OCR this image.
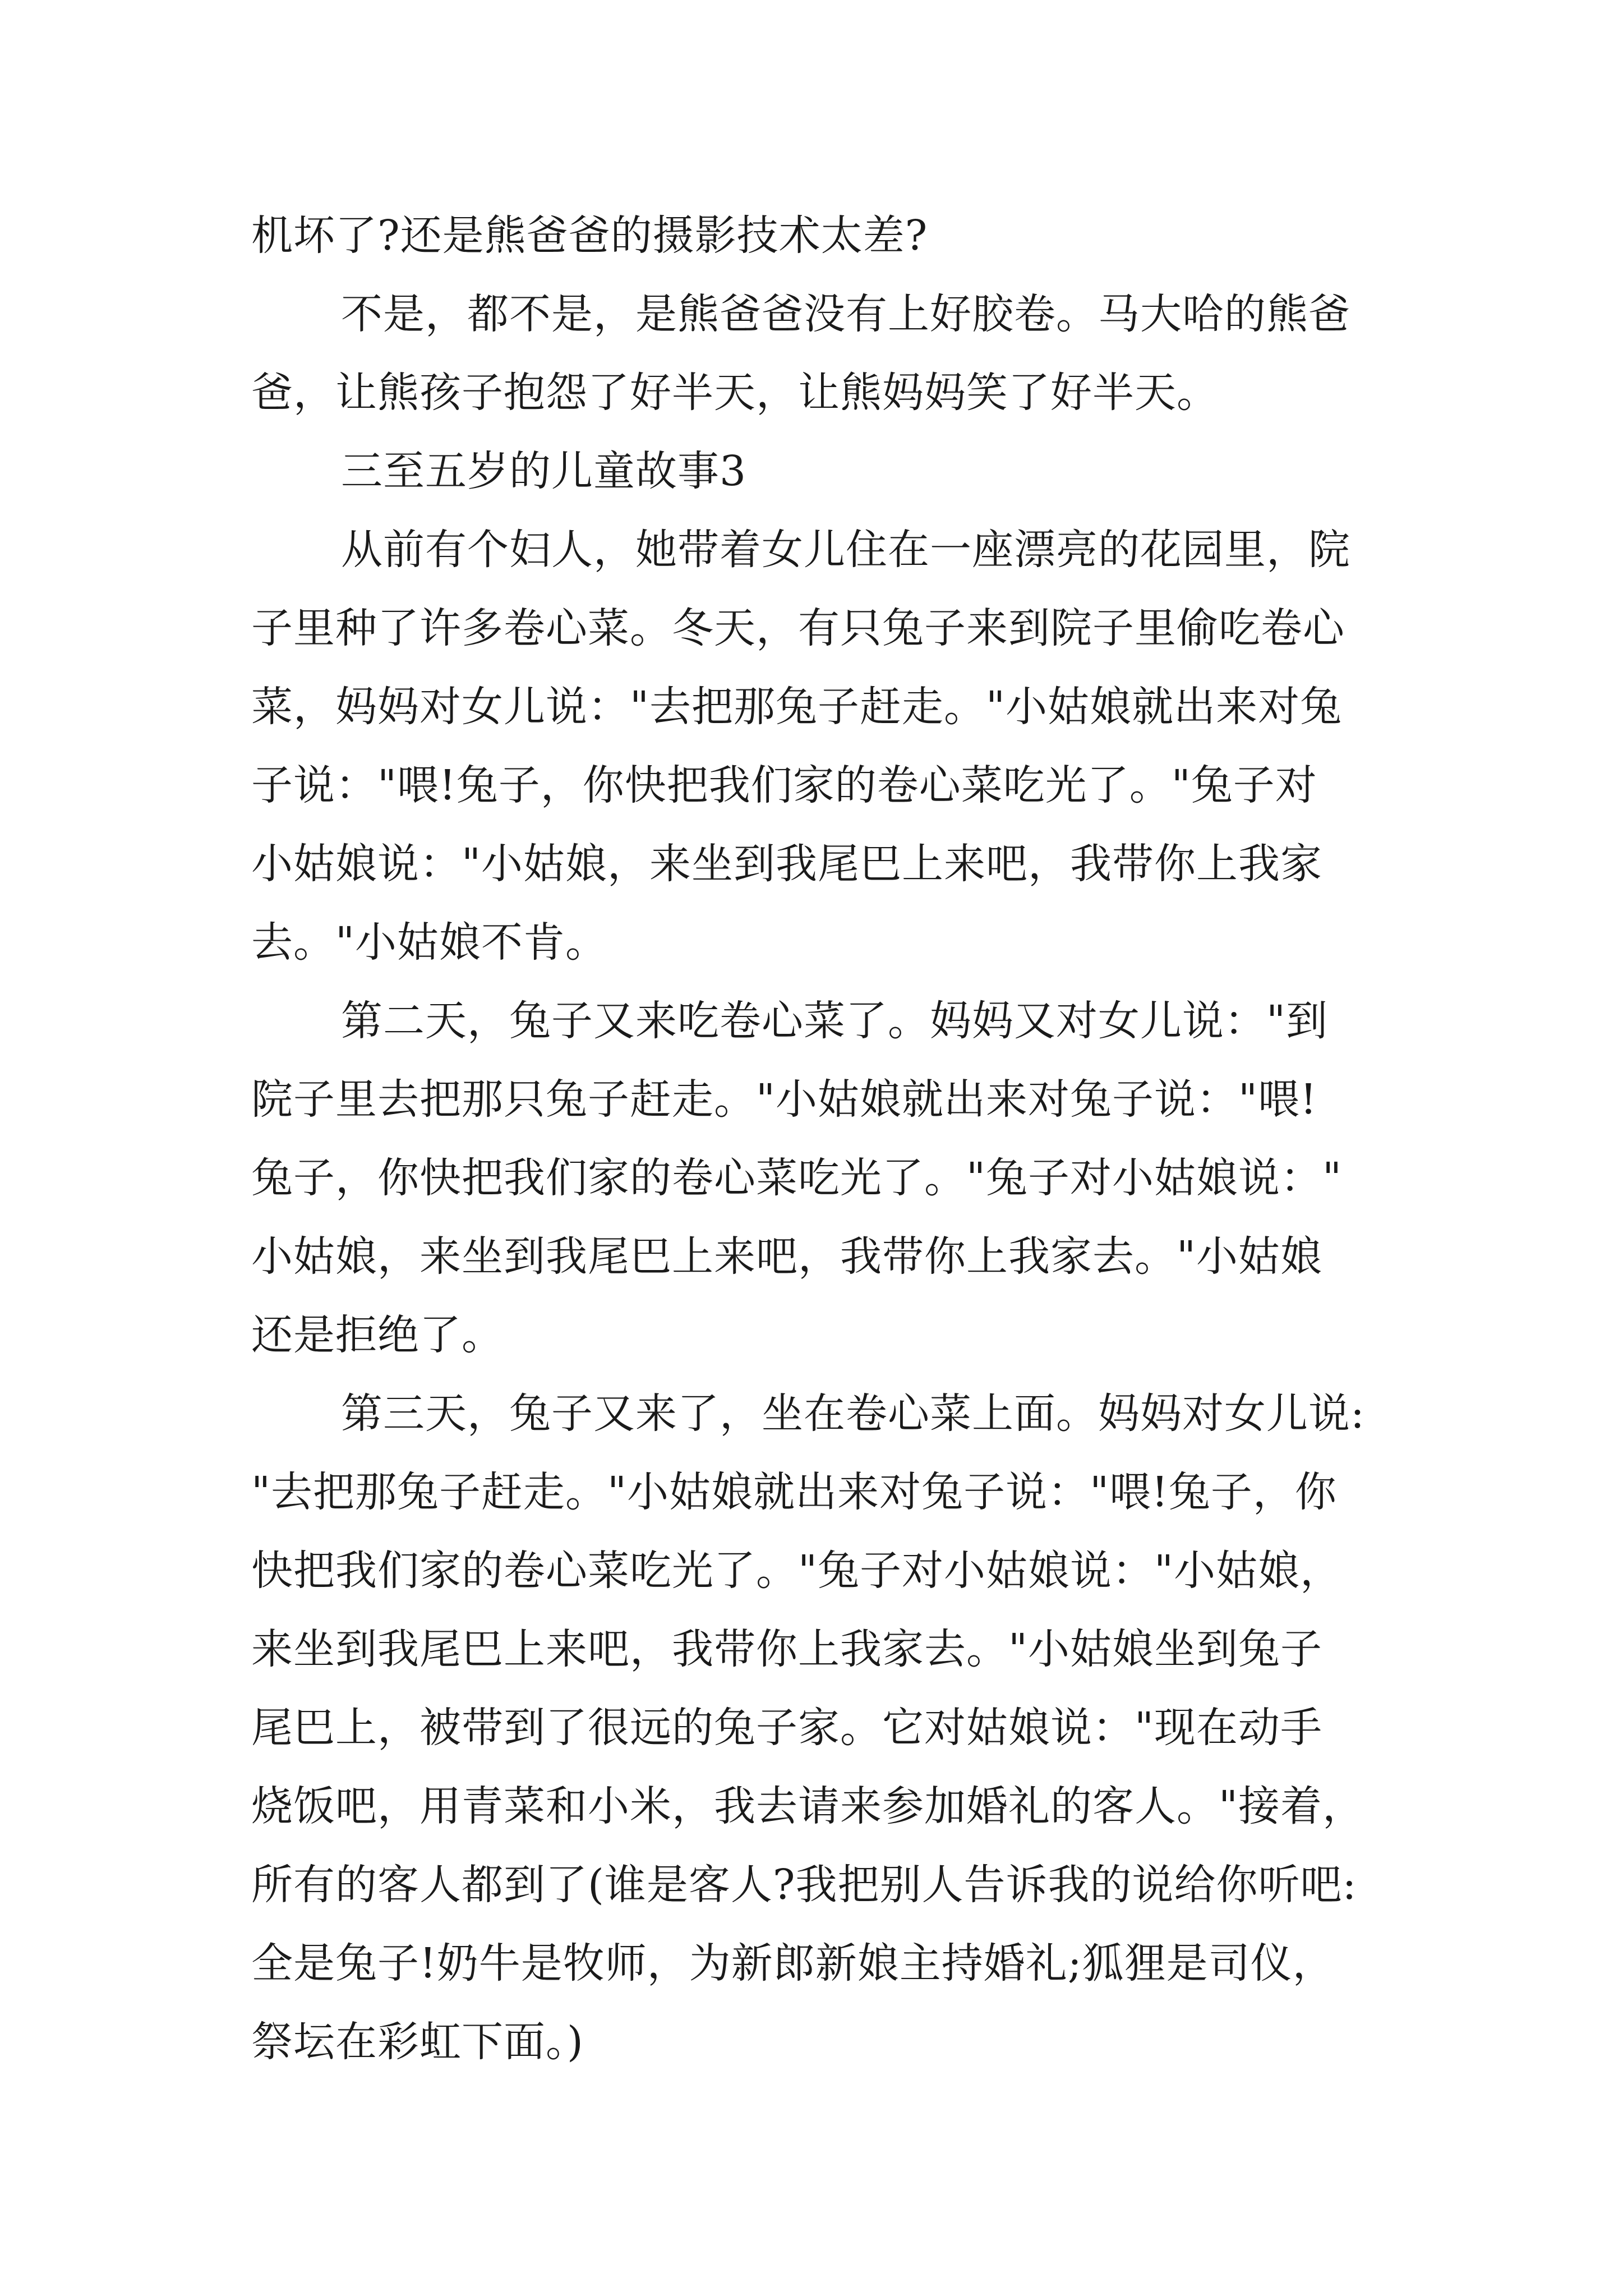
机坏了?还是熊爸爸的摄影技术太差?
不是，都不是，是熊爸爸没有上好胶卷。马大哈的熊爸
爸，让熊孩子抱怨了好半天，让熊妈妈笑了好半天。
三至五岁的儿童故事3
从前有个妇人，她带着女儿住在一座漂亮的花园里，院
子里种了许多卷心菜。冬天，有只兔子来到院子里偷吃卷心
菜，妈妈对女儿说："去把那兔子赶走。"小姑娘就出来对兔
子说："喂!兔子，你快把我们家的卷心菜吃光了。"兔子对
小姑娘说："小姑娘，来坐到我尾巴上来吧，我带你上我家
去。"小姑娘不肯。
第二天，兔子又来吃卷心菜了。妈妈又对女儿说："到
院子里去把那只兔子赶走。"小姑娘就出来对兔子说："喂!
兔子，你快把我们家的卷心菜吃光了。"兔子对小姑娘说："
小姑娘，来坐到我尾巴上来吧，我带你上我家去。"小姑娘
还是拒绝了。
第三天，兔子又来了，坐在卷心菜上面。妈妈对女儿说:
"去把那兔子赶走。"小姑娘就出来对兔子说："喂!兔子，你
快把我们家的卷心菜吃光了。"兔子对小姑娘说："小姑娘，
来坐到我尾巴上来吧，我带你上我家去。"小姑娘坐到兔子
尾巴上，被带到了很远的兔子家。它对姑娘说："现在动手
烧饭吧，用青菜和小米，我去请来参加婚礼的客人。"接着，
所有的客人都到了(谁是客人?我把别人告诉我的说给你听吧:
全是兔子!奶牛是牧师，为新郎新娘主持婚礼;狐狸是司仪，
祭坛在彩虹下面。)
